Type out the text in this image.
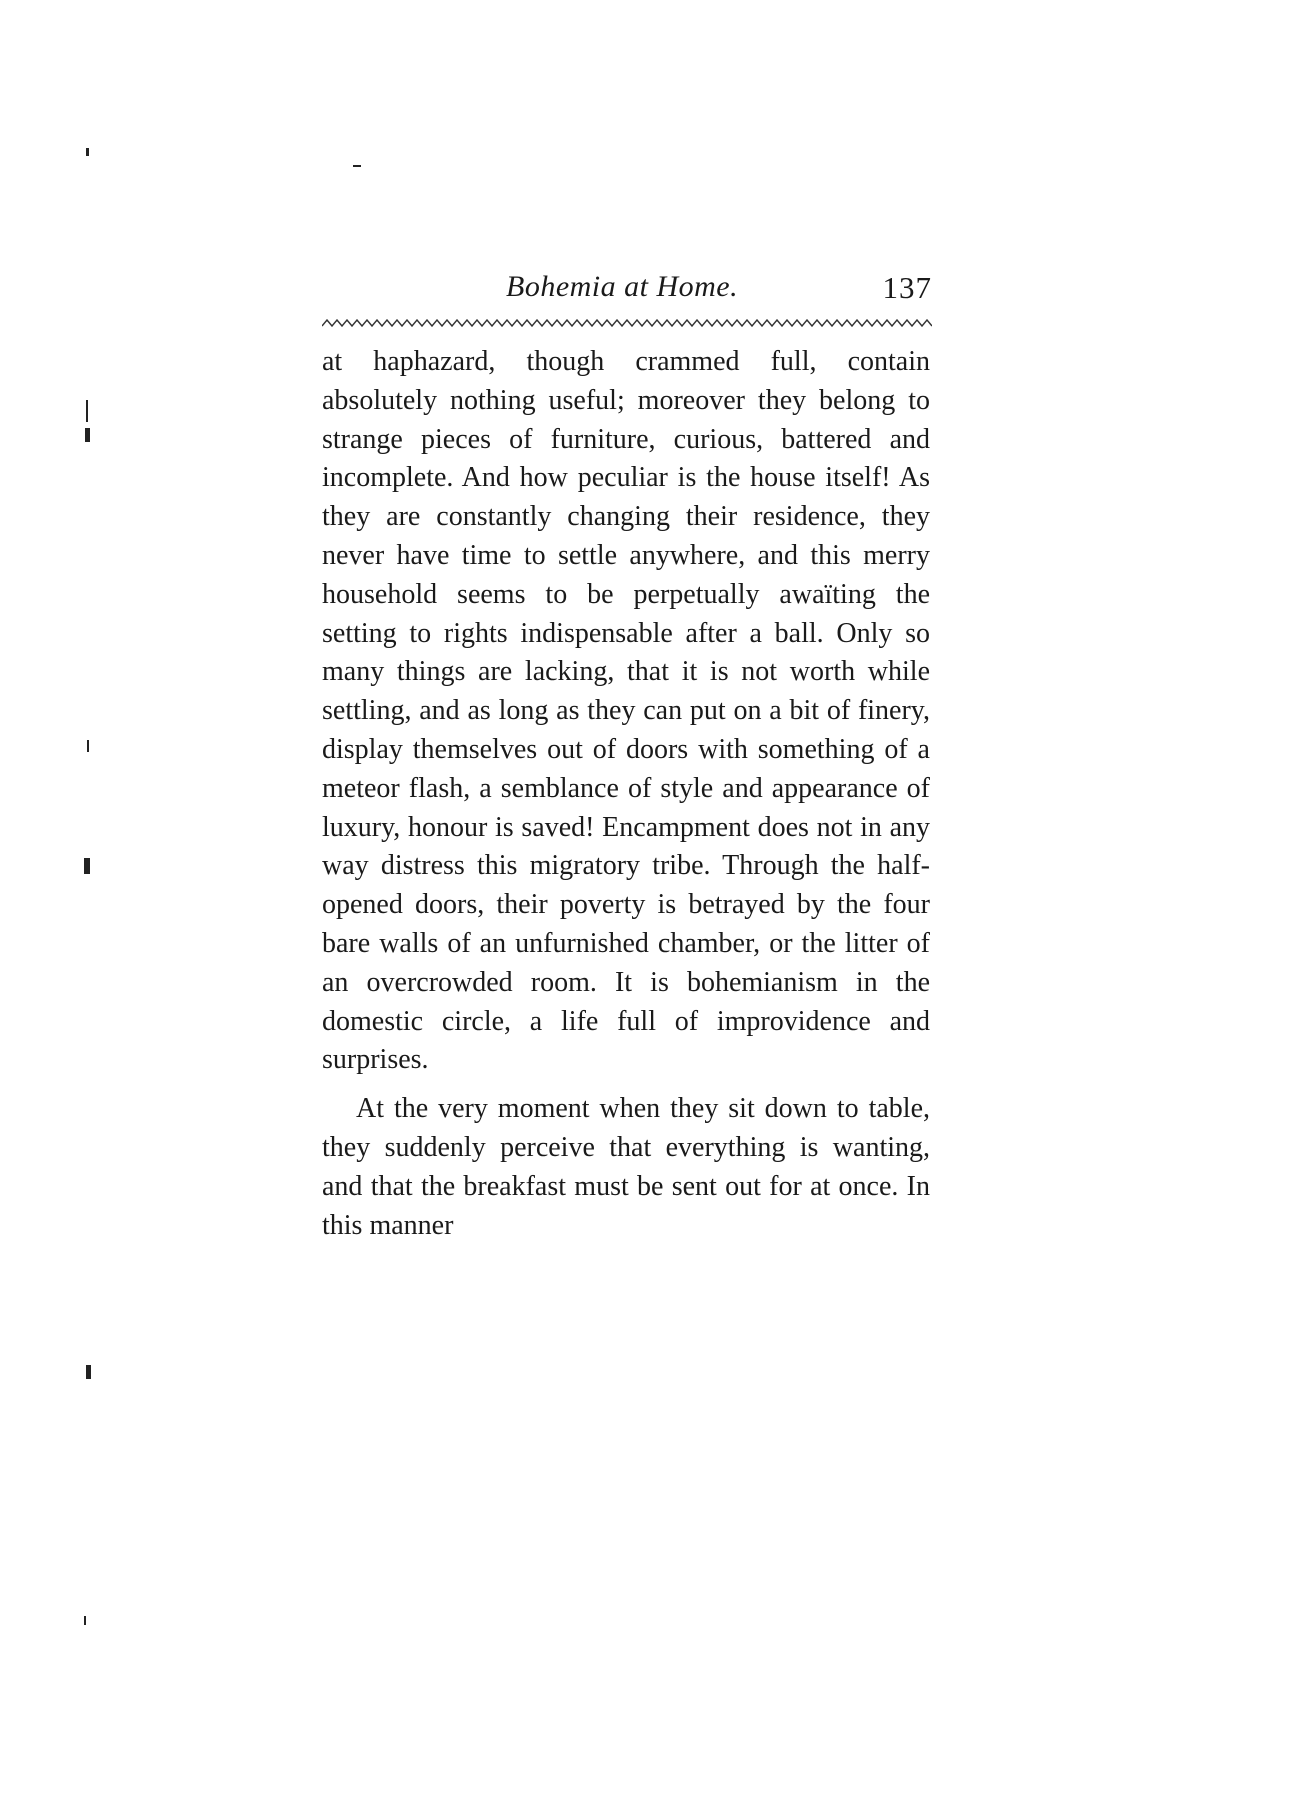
Bohemia at Home.	137

at haphazard, though crammed full, contain absolutely nothing useful; moreover they belong to strange pieces of furniture, curious, battered and incomplete. And how peculiar is the house itself! As they are constantly changing their residence, they never have time to settle anywhere, and this merry household seems to be perpetually awaïting the setting to rights indispensable after a ball. Only so many things are lacking, that it is not worth while settling, and as long as they can put on a bit of finery, display themselves out of doors with something of a meteor flash, a semblance of style and appearance of luxury, honour is saved! Encampment does not in any way distress this migratory tribe. Through the half-opened doors, their poverty is betrayed by the four bare walls of an unfurnished chamber, or the litter of an overcrowded room. It is bohemianism in the domestic circle, a life full of improvidence and surprises.

At the very moment when they sit down to table, they suddenly perceive that everything is wanting, and that the breakfast must be sent out for at once. In this manner
